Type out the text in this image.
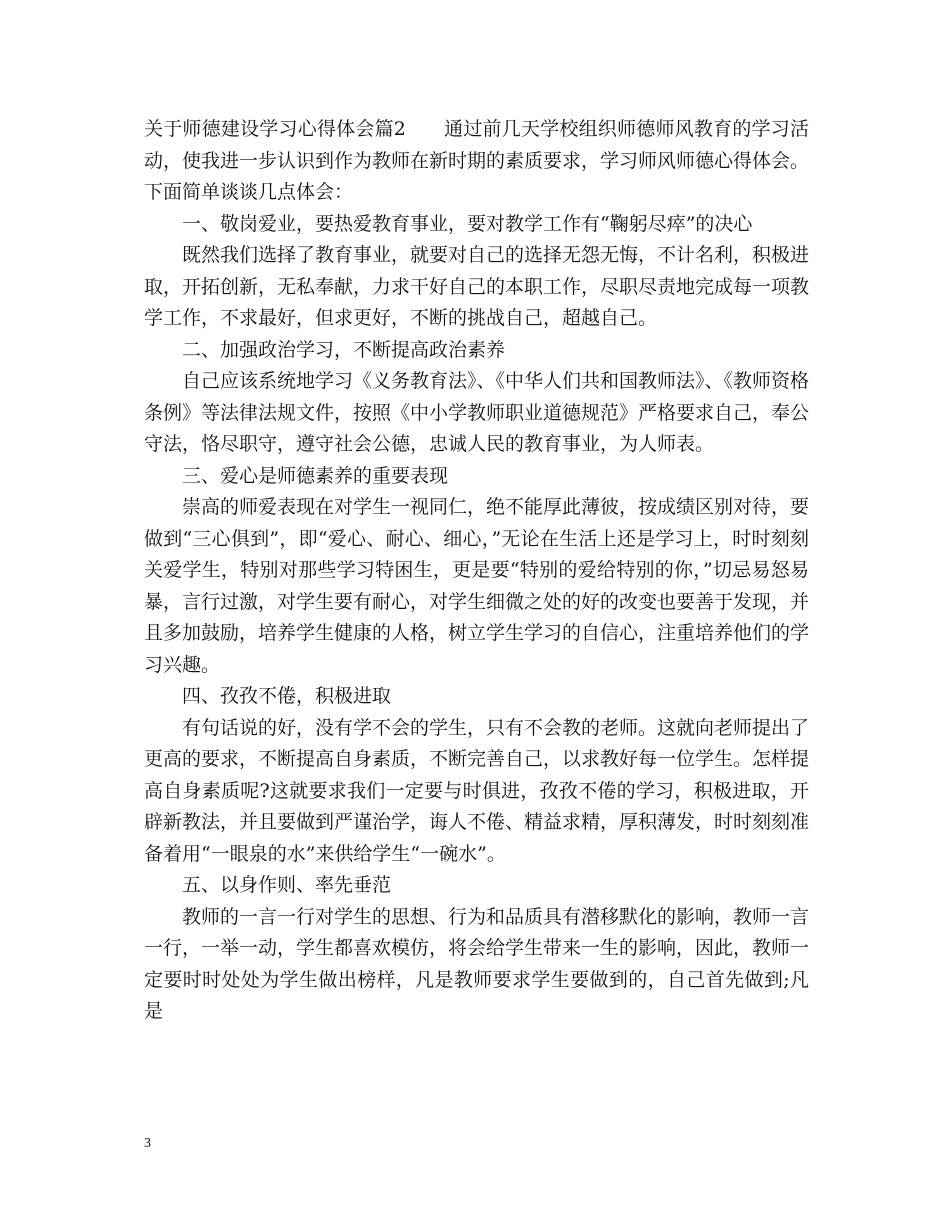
关于师德建设学习心得体会篇2 通过前几天学校组织师德师风教育的学习活动，使我进一步认识到作为教师在新时期的素质要求，学习师风师德心得体会。下面简单谈谈几点体会：

一、敬岗爱业，要热爱教育事业，要对教学工作有“鞠躬尽瘁”的决心

既然我们选择了教育事业，就要对自己的选择无怨无悔，不计名利，积极进取，开拓创新，无私奉献，力求干好自己的本职工作，尽职尽责地完成每一项教学工作，不求最好，但求更好，不断的挑战自己，超越自己。

二、加强政治学习，不断提高政治素养

自己应该系统地学习《义务教育法》、《中华人们共和国教师法》、《教师资格条例》等法律法规文件，按照《中小学教师职业道德规范》严格要求自己，奉公守法，恪尽职守，遵守社会公德，忠诚人民的教育事业，为人师表。

三、爱心是师德素养的重要表现

崇高的师爱表现在对学生一视同仁，绝不能厚此薄彼，按成绩区别对待，要做到“三心俱到”，即“爱心、耐心、细心，”无论在生活上还是学习上，时时刻刻关爱学生，特别对那些学习特困生，更是要“特别的爱给特别的你，”切忌易怒易暴，言行过激，对学生要有耐心，对学生细微之处的好的改变也要善于发现，并且多加鼓励，培养学生健康的人格，树立学生学习的自信心，注重培养他们的学习兴趣。

四、孜孜不倦，积极进取

有句话说的好，没有学不会的学生，只有不会教的老师。这就向老师提出了更高的要求，不断提高自身素质，不断完善自己，以求教好每一位学生。怎样提高自身素质呢?这就要求我们一定要与时俱进，孜孜不倦的学习，积极进取，开辟新教法，并且要做到严谨治学，诲人不倦、精益求精，厚积薄发，时时刻刻准备着用“一眼泉的水”来供给学生“一碗水”。

五、以身作则、率先垂范

教师的一言一行对学生的思想、行为和品质具有潜移默化的影响，教师一言一行，一举一动，学生都喜欢模仿，将会给学生带来一生的影响，因此，教师一定要时时处处为学生做出榜样，凡是教师要求学生要做到的，自己首先做到;凡是

3
